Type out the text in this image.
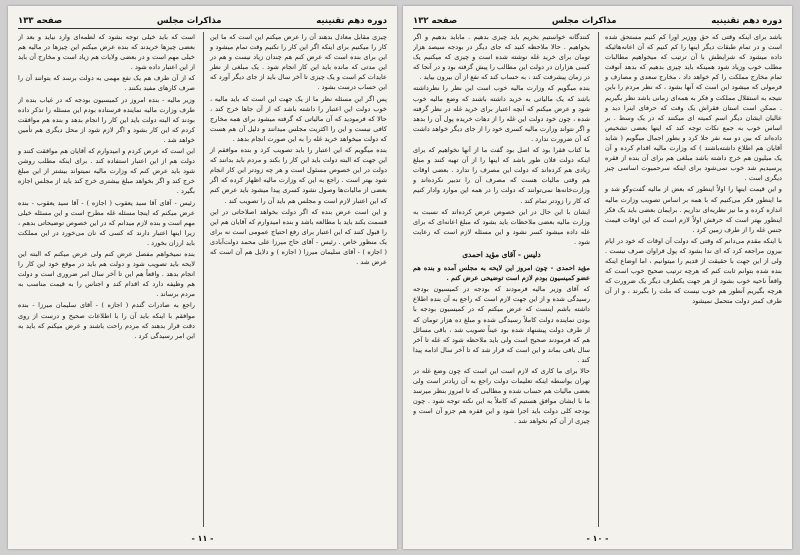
صفحه ۱۳۳	مذاکرات مجلس	دوره دهم تقنینیه

چیزی مقابل معادل بدهند آن را عرض میکنم این است که ما این کار را میکنیم برای اینکه اگر این کار را نکنیم وقت تمام میشود و این برای بنده است که عرض کنم هم چندان زیاد نیست و هم در این مدتی که مانده باید این کار انجام شود . یک مبلغی از نظر عایدات کم است و یک چیزی تا آخر سال باید از جای دیگر آورد که این حساب درست بشود .

پس اگر این مسئله نظر ما از یک جهت این است که باید مالیه ، خوب دولت این اعتبار را داشته باشد که از آن جاها خرج کند ، حالا که فرمودید که آن مالیاتی که گرفته میشود برای همه مخارج کافی نیست و این را اکثریت مجلس میدانند و دلیل آن هم هست که دولت میخواهد خرید غله را به این صورت انجام بدهد .

بنده میگویم که این اعتبار را باید تصویب کرد و بنده موافقم از این جهت که البته دولت باید این کار را بکند و مردم باید بدانند که دولت در این خصوص مسئول است و هر چه زودتر این کار انجام شود بهتر است . راجع به این که وزارت مالیه اظهار کرده که اگر بعضی از مالیات‌ها وصول نشود کسری پیدا میشود باید عرض کنم که این اعتبار لازم است و مجلس هم باید آن را تصویب کند .

و این است عرض بنده که اگر دولت بخواهد اصلاحاتی در این قسمت بکند باید با مطالعه باشد و بنده امیدوارم که آقایان هم این را قبول کنند که این اعتبار برای رفع احتیاج عمومی است نه برای یک منظور خاص . رئیس - آقای حاج میرزا علی محمد دولت‌آبادی ( اجازه ) - آقای سلیمان میرزا ( اجازه ) و دلایل هم آن است که عرض شد .

است که باید خیلی توجه بشود که لطمه‌ای وارد نیاید و بعد از بعضی چیزها خریدند که بنده عرض میکنم این چیزها در مالیه هم خیلی مهم است و در بعضی ولایات هم زیاد است و مخارج آن باید از این اعتبار داده شود .

که از آن طرف هم یک نفع مهمی به دولت برسد که بتوانند آن را صرف کارهای مفید بکنند .

وزیر مالیه - بنده امروز در کمیسیون بودجه که در غیاب بنده از طرف وزارت مالیه نماینده فرستاده بودم این مسئله را تذکر داده بودند که البته دولت باید این کار را انجام بدهد و بنده هم موافقت کردم که این کار بشود و اگر لازم شود از محل دیگری هم تأمین خواهد شد .

این است که عرض کردم و امیدوارم که آقایان هم موافقت کنند و دولت هم از این اعتبار استفاده کند . برای اینکه مطلب روشن شود باید عرض کنم که وزارت مالیه نمیتواند بیشتر از این مبلغ خرج کند و اگر بخواهد مبلغ بیشتری خرج کند باید از مجلس اجازه بگیرد .

رئیس - آقای آقا سید یعقوب ( اجازه ) - آقا سید یعقوب - بنده عرض میکنم که اینجا مسئله غله مطرح است و این مسئله خیلی مهم است و بنده لازم میدانم که در این خصوص توضیحاتی بدهم ، زیرا اینها اعتبار دارند که کسی که نان می‌خورد در این مملکت باید ارزان بخورد .

بنده نمیخواهم مفصل عرض کنم ولی عرض میکنم که البته این لایحه باید تصویب شود و دولت هم باید در موقع خود این کار را انجام بدهد . واقعاً هم این تا آخر سال امر ضروری است و دولت هم وظیفه دارد که اقدام کند و اجناس را به قیمت مناسب به مردم برساند .

راجع به صادرات گندم ( اجازه ) - آقای سلیمان میرزا - بنده موافقم با اینکه باید آن را با اطلاعات صحیح و درست از روی دقت قرار بدهند که مردم راحت باشند و عرض میکنم که باید به این امر رسیدگی کرد .

- ۱۱ -
دوره دهم تقنینیه
مذاکرات مجلس
صفحه ۱۳۲

باشد برای اینکه وقتی که حق ووزیر اورا کم کنیم مستحق شده است و در تمام طبقات دیگر اینها را کم کنیم که آن اعانه‌هائیکه داده میشود که شرایطش با آن ترتیب که میخواهیم مطالبات مطلب خوب وزیاد شود همینکه باید چیزی بدهیم که بدهد آنوقت تمام مخارج مملکت را کم خواهد داد ، مخارج سعدی و مصارف و فرمولی که میشود این است که آنها بشود ، که نظر مردم را باین نتیجه به استقلال مملکت و فکر به همه‌ای زمانی باشد نظر بگیریم . ممکن است استان فقراش یک وقت که حرفای اینرا دید و عالیان ایشان دیگر اسم کمیته ای میکنند که در یک وسط . بر اساس خوب به جمع نکات توجه کند که اینها بعضی تشخیص داده‌اند که بین دو سه نفر حلا کرد و بطور اجمال میگویم ( شاید آقایان هم اطلاع داشته‌باشند ) که وزارت مالیه اقدام کرده و آن یک میلیون هم خرج داشته باشد مبلغی هم برای آن بنده از فقره پرسیدیم شد خوب نمی‌شود برای اینکه سرحمیوت اساسی چیز دیگری است .

و این قیمت اینها را اولاً اینطور که بعض از مالیه گفت‌وگو شد و ما اینطور فکر می‌کنیم که با همه بر اساس تصویب وزارت مالیه اندازه کرده و ما نیز نظریه‌ای نداریم . برایمان بعضی باید یک فکر اینطور بهتر است که حرفش اولاً لازم است که این اوقات قیمت جنس غله را از طرف زمین کرد .

با اینکه مقدم می‌دانم که وقتی که دولت آن اوقات که خود در ایام بیرون مراجعه کرد که ای ندا بشود که پول فراوان صرف نیست . ولی از این جهت با حقیقت از قدیم را میتوانیم ، اما اوضاع اینکه بنده شده بتوانم ثابت کنم که هرچه ترتیب صحیح خوب است که واقعاً ناحیه خوب بشود از هر جهت یکطرف دیگر یک ضرورت که هرچه بگیریم آنطور هم خوب نیست که ملت را بگیرند ، و از آن طرف کمتر دولت متحمل نمیشود

کنندگانه خواستیم بخریم باید چیزی بدهیم . ماباید بدهیم و اگر بخواهیم . حالا ملاحظه کنید که جای دیگر در بودجه سیصد هزار تومان برای خرید غله نوشته شده است و چیزی که میکنیم یک کسی هزاران در دولت این مطالب را پیش گرفته بود و در آنجا که در زمان پیشرفت کند ، به حساب کند که نفع از آن بیرون بیاید .

بنده میگویم که وزارت مالیه خوب است این نظر را نظرداشته باشد که یک مالیاتی به خرید داشته باشند که وضع مالیه خوب شود و عرض میکنم که آنچه اعتبار برای خرید غله در نظر گرفته شده ، چون خود دولت این غله را از دهات خریده پول آن را بدهد و اگر نتواند وزارت مالیه کسری خود را از جای دیگر خواهد داشت که آن ضرورت ندارد .

ما کتاب فقرا بود که اصل بود گفت ما از آنها نخواهیم که برای اینکه دولت فلان طور باشد که اینها را از آن تهیه کنند و مبلغ زیادی هم کرده‌اند که دولت این مصرف را ندارد . بعضی اوقات هم وقتی مالیات هست که مصرف آن را تدبیر نکرده‌اند و وزارت‌خانه‌ها نمی‌توانند که دولت را در همه این موارد وادار کنیم که کار را زودتر تمام کند .

ایشان با این حال در این خصوص عرض کرده‌اند که نسبت به وزارت مالیه بعضی ملاحظات باید بشود که مبلغ اعانه‌ای که برای غله داده میشود کسر نشود و این مسئله لازم است که رعایت شود .

دلیس - آقای مؤید احمدی

مؤید احمدی - چون امروز این لایحه به مجلس آمده و بنده هم عضو کمیسیون بودم لازم است توضیحی عرض کنم .

که آقای وزیر مالیه فرمودند که بودجه در کمیسیون بودجه رسیدگی شده و از این جهت لازم است که راجع به آن بنده اطلاع داشته باشم اینست که عرض میکنم که در کمیسیون بودجه با بودن نماینده دولت کاملاً رسیدگی شده و مبلغ ده هزار تومان که از طرف دولت پیشنهاد شده بود عیناً تصویب شد ، باقی مسائل هم که فرمودند صحیح است ولی باید ملاحظه شود که غله تا آخر سال باقی بماند و این است که قرار شد که تا آخر سال ادامه پیدا کند .

حالا برای ما کاری که لازم است این است که چون وضع غله در تهران بواسطه اینکه تعلیمات دولت راجع به آن زیادتر است ولی بعضی مالیات هم حساب شده و مطالبی که تا امروز بنظر میرسد ما با ایشان موافق هستیم که کاملاً به این نکته توجه شود . چون بودجه کلی دولت باید اجرا شود و این فقره هم جزو آن است و چیزی از آن کم نخواهد شد .

- ۱۰ -
